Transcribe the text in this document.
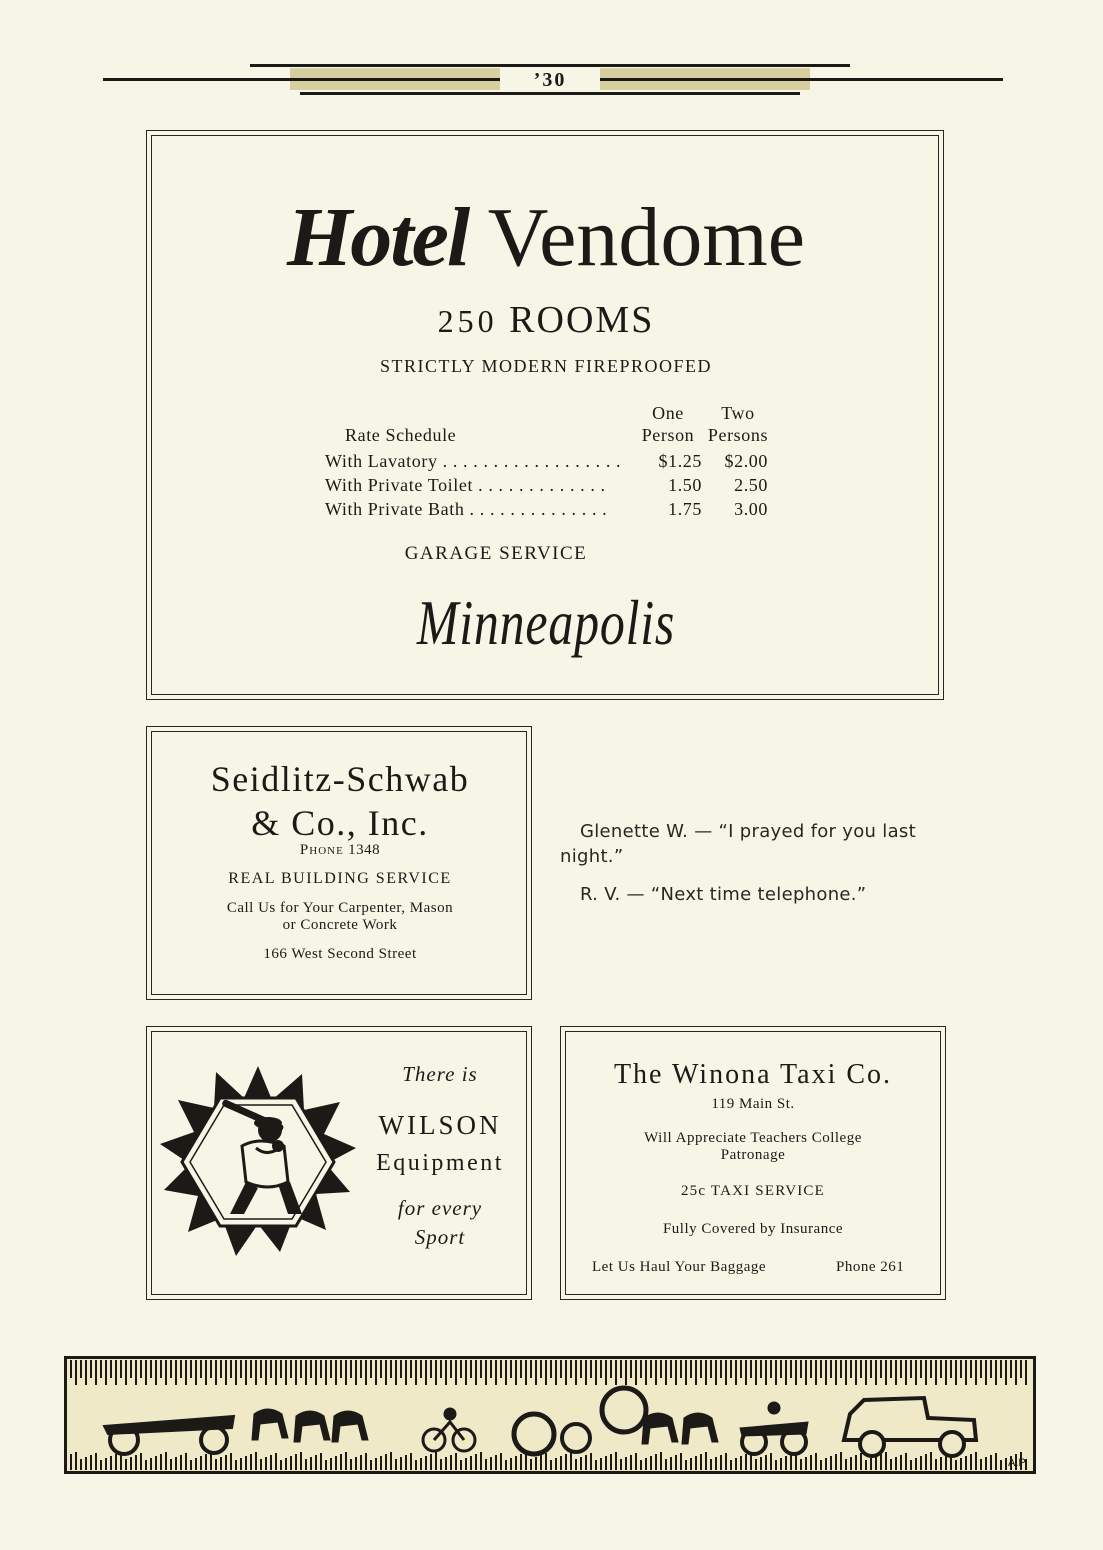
’30
Hotel Vendome
250 ROOMS
STRICTLY MODERN FIREPROOFED
One Two
Rate Schedule	Person Persons
With Lavatory . . . . . . . . . . . . . . . . . .	$1.25	$2.00
With Private Toilet . . . . . . . . . . . . .	1.50	2.50
With Private Bath . . . . . . . . . . . . . .	1.75	3.00
GARAGE SERVICE
Minneapolis
Seidlitz-Schwab
& Co., Inc.
Phone 1348
REAL BUILDING SERVICE
Call Us for Your Carpenter, Mason
or Concrete Work
166 West Second Street
Glenette W. — “I prayed for you last
night.”
R. V. — “Next time telephone.”
There is
WILSON
Equipment
for every
Sport
The Winona Taxi Co.
119 Main St.
Will Appreciate Teachers College
Patronage
25c TAXI SERVICE
Fully Covered by Insurance
Let Us Haul Your Baggage	Phone 261
A.P.
